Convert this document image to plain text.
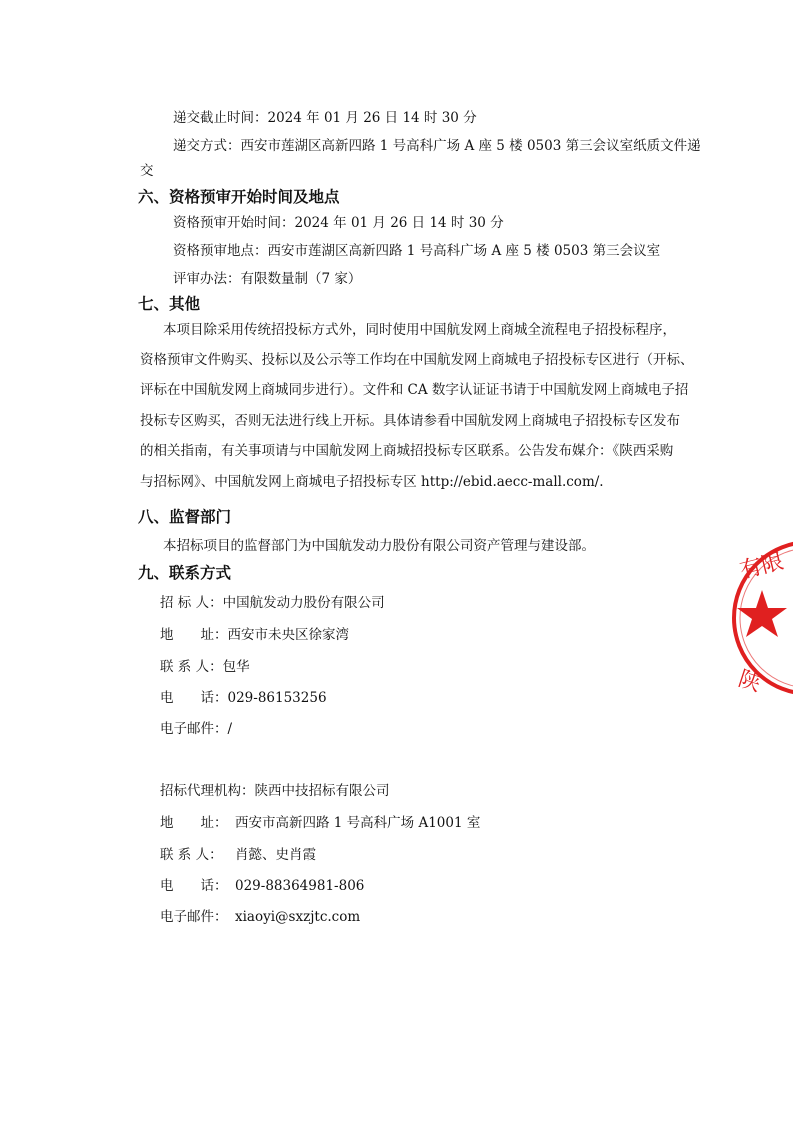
递交截止时间：2024 年 01 月 26 日 14 时 30 分
递交方式：西安市莲湖区高新四路 1 号高科广场 A 座 5 楼 0503 第三会议室纸质文件递
交
六、资格预审开始时间及地点
资格预审开始时间：2024 年 01 月 26 日 14 时 30 分
资格预审地点：西安市莲湖区高新四路 1 号高科广场 A 座 5 楼 0503 第三会议室
评审办法：有限数量制（7 家）
七、其他
本项目除采用传统招投标方式外，同时使用中国航发网上商城全流程电子招投标程序，
资格预审文件购买、投标以及公示等工作均在中国航发网上商城电子招投标专区进行（开标、
评标在中国航发网上商城同步进行）。文件和 CA 数字认证证书请于中国航发网上商城电子招
投标专区购买，否则无法进行线上开标。具体请参看中国航发网上商城电子招投标专区发布
的相关指南，有关事项请与中国航发网上商城招投标专区联系。公告发布媒介：《陕西采购
与招标网》、中国航发网上商城电子招投标专区 http://ebid.aecc-mall.com/.
八、监督部门
本招标项目的监督部门为中国航发动力股份有限公司资产管理与建设部。
九、联系方式
招 标 人：中国航发动力股份有限公司
地　　址：西安市未央区徐家湾
联 系 人：包华
电　　话：029-86153256
电子邮件：/
招标代理机构：陕西中技招标有限公司
地　　址： 西安市高新四路 1 号高科广场 A1001 室
联 系 人： 肖懿、史肖霞
电　　话： 029-88364981-806
电子邮件： xiaoyi@sxzjtc.com
有限
陕
